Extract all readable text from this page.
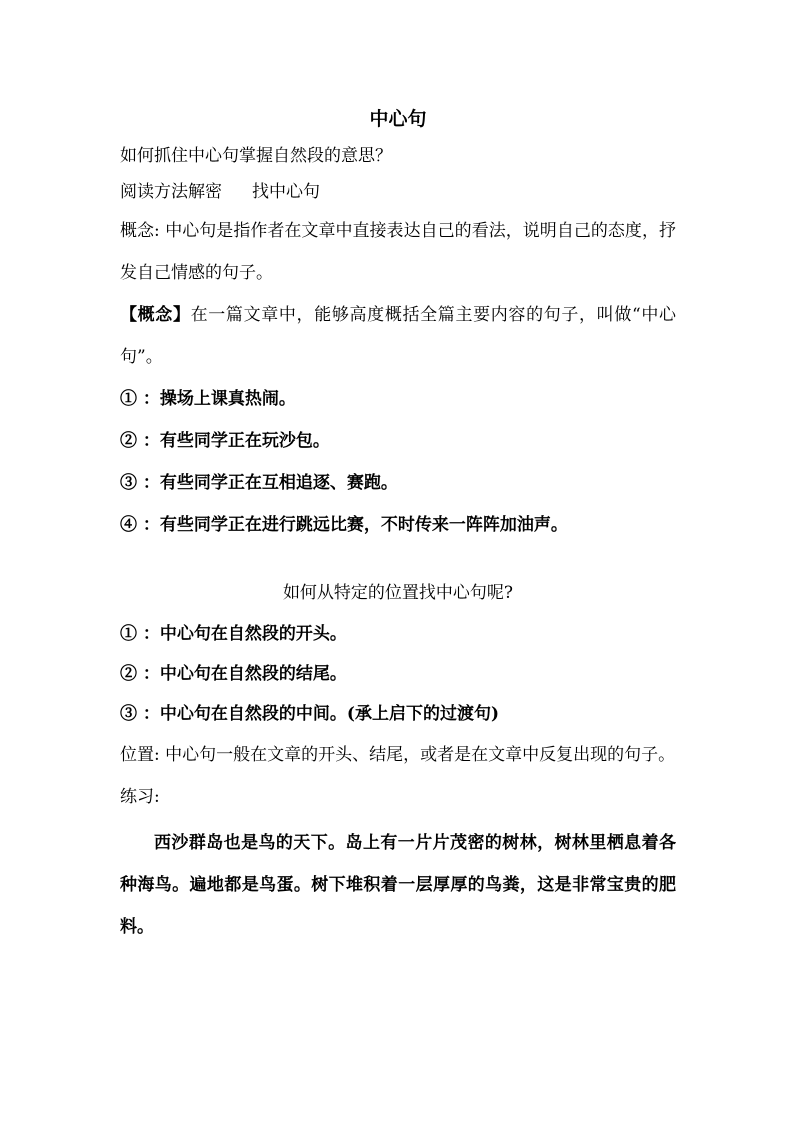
中心句
如何抓住中心句掌握自然段的意思？
阅读方法解密 找中心句
概念: 中心句是指作者在文章中直接表达自己的看法，说明自己的态度，抒发自己情感的句子。
【概念】在一篇文章中，能够高度概括全篇主要内容的句子，叫做“中心句”。
① ：操场上课真热闹。
② ：有些同学正在玩沙包。
③ ：有些同学正在互相追逐、赛跑。
④ ：有些同学正在进行跳远比赛，不时传来一阵阵加油声。
如何从特定的位置找中心句呢?
① ：中心句在自然段的开头。
② ：中心句在自然段的结尾。
③ ：中心句在自然段的中间。(承上启下的过渡句)
位置: 中心句一般在文章的开头、结尾，或者是在文章中反复出现的句子。
练习:
西沙群岛也是鸟的天下。岛上有一片片茂密的树林，树林里栖息着各种海鸟。遍地都是鸟蛋。树下堆积着一层厚厚的鸟粪，这是非常宝贵的肥料。
